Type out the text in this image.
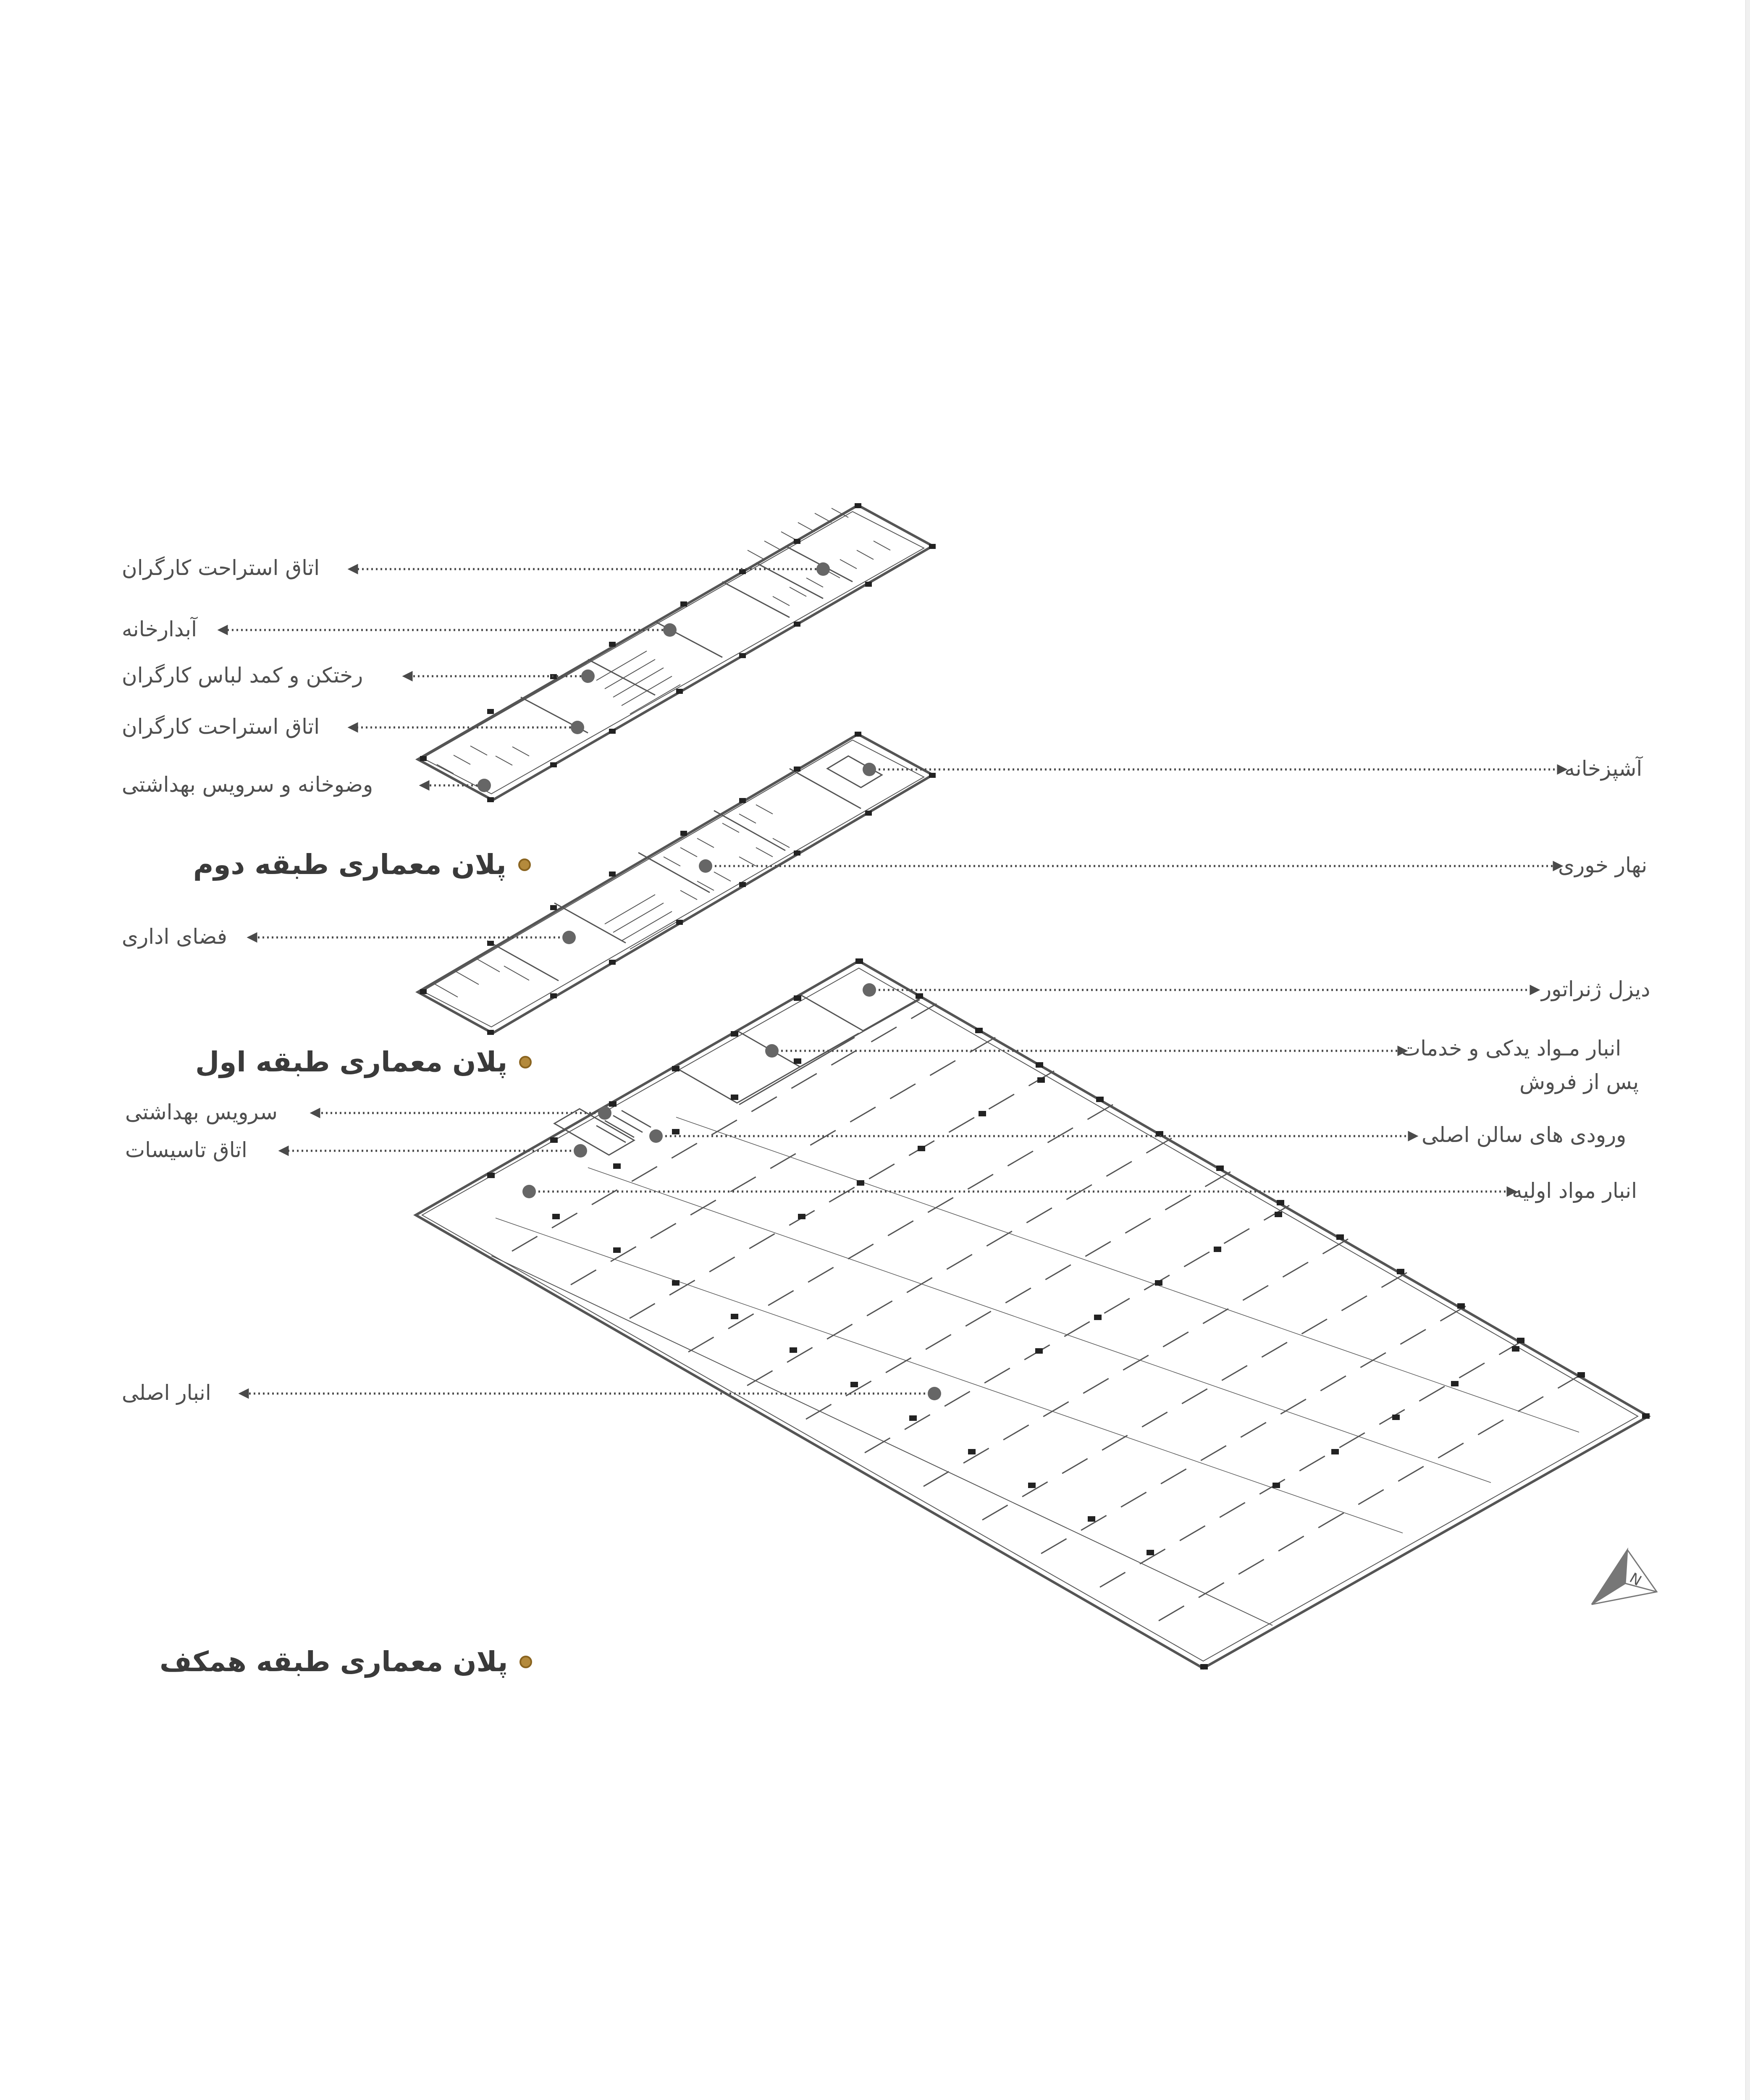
N
اتاق استراحت کارگران
آبدارخانه
رختکن و کمد لباس کارگران
اتاق استراحت کارگران
وضوخانه و سرویس بهداشتی
پلان معماری طبقه دوم
آشپزخانه
نهار خوری
فضای اداری
پلان معماری طبقه اول
دیزل ژنراتور
انبار مـواد یدکی و خدمات
پس از فروش
ورودی های سالن اصلی
انبار مواد اولیه
سرویس بهداشتی
اتاق تاسیسات
انبار اصلی
پلان معماری طبقه همکف
